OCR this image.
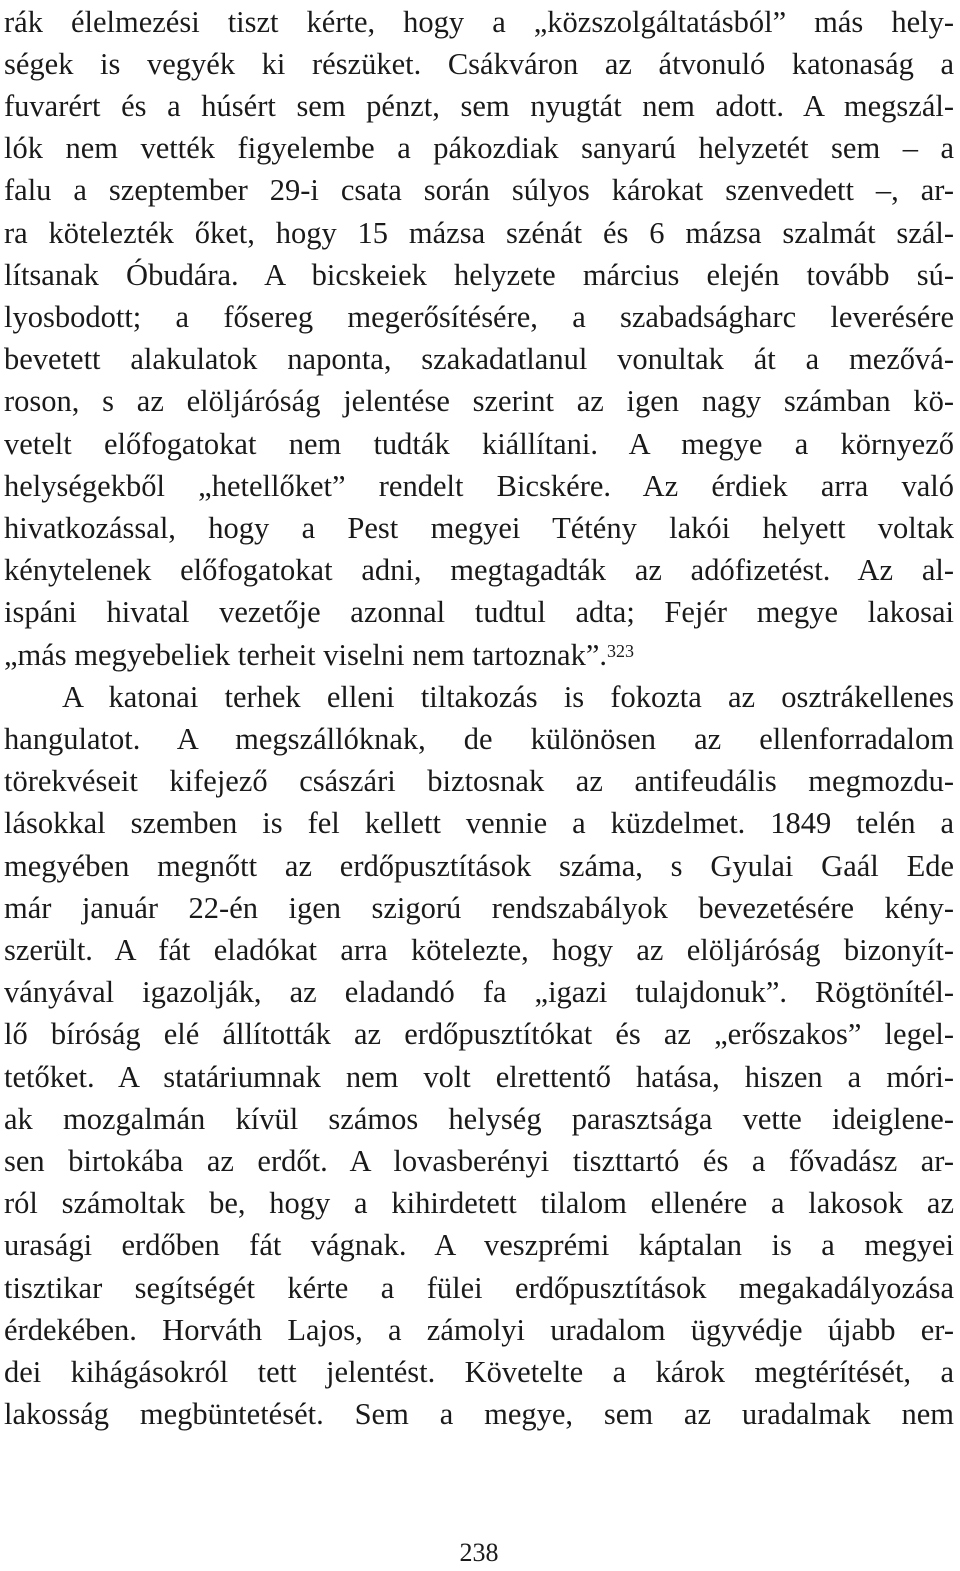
rák élelmezési tiszt kérte, hogy a „közszolgáltatásból” más hely-
ségek is vegyék ki részüket. Csákváron az átvonuló katonaság a
fuvarért és a húsért sem pénzt, sem nyugtát nem adott. A megszál-
lók nem vették figyelembe a pákozdiak sanyarú helyzetét sem – a
falu a szeptember 29-i csata során súlyos károkat szenvedett –, ar-
ra kötelezték őket, hogy 15 mázsa szénát és 6 mázsa szalmát szál-
lítsanak Óbudára. A bicskeiek helyzete március elején tovább sú-
lyosbodott; a fősereg megerősítésére, a szabadságharc leverésére
bevetett alakulatok naponta, szakadatlanul vonultak át a mezővá-
roson, s az elöljáróság jelentése szerint az igen nagy számban kö-
vetelt előfogatokat nem tudták kiállítani. A megye a környező
helységekből „hetellőket” rendelt Bicskére. Az érdiek arra való
hivatkozással, hogy a Pest megyei Tétény lakói helyett voltak
kénytelenek előfogatokat adni, megtagadták az adófizetést. Az al-
ispáni hivatal vezetője azonnal tudtul adta; Fejér megye lakosai
„más megyebeliek terheit viselni nem tartoznak”.$^{323}$
A katonai terhek elleni tiltakozás is fokozta az osztrákellenes
hangulatot. A megszállóknak, de különösen az ellenforradalom
törekvéseit kifejező császári biztosnak az antifeudális megmozdu-
lásokkal szemben is fel kellett vennie a küzdelmet. 1849 telén a
megyében megnőtt az erdőpusztítások száma, s Gyulai Gaál Ede
már január 22-én igen szigorú rendszabályok bevezetésére kény-
szerült. A fát eladókat arra kötelezte, hogy az elöljáróság bizonyít-
ványával igazolják, az eladandó fa „igazi tulajdonuk”. Rögtönítél-
lő bíróság elé állították az erdőpusztítókat és az „erőszakos” legel-
tetőket. A statáriumnak nem volt elrettentő hatása, hiszen a móri-
ak mozgalmán kívül számos helység parasztsága vette ideiglene-
sen birtokába az erdőt. A lovasberényi tiszttartó és a fővadász ar-
ról számoltak be, hogy a kihirdetett tilalom ellenére a lakosok az
urasági erdőben fát vágnak. A veszprémi káptalan is a megyei
tisztikar segítségét kérte a fülei erdőpusztítások megakadályozása
érdekében. Horváth Lajos, a zámolyi uradalom ügyvédje újabb er-
dei kihágásokról tett jelentést. Követelte a károk megtérítését, a
lakosság megbüntetését. Sem a megye, sem az uradalmak nem
238
